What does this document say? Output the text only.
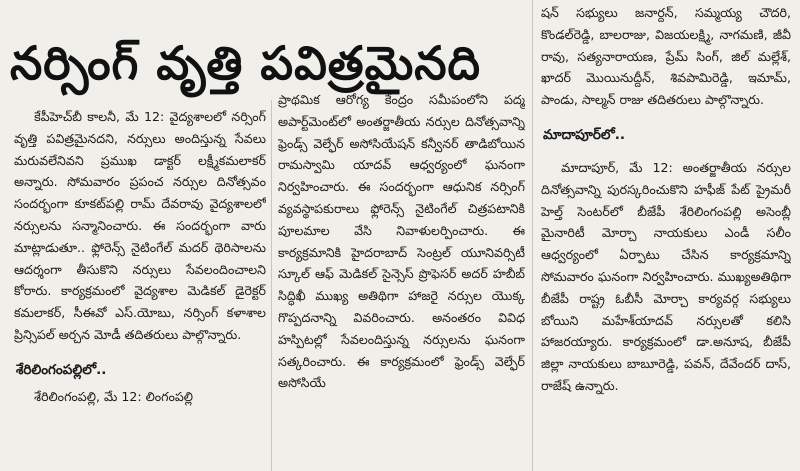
నర్సింగ్‌ వృత్తి పవిత్రమైనది

కేపీహెచ్‌బీ కాలనీ, మే 12: వైద్యశాలలో నర్సింగ్‌ వృత్తి పవిత్రమైనదని, నర్సులు అందిస్తున్న సేవలు మరువలేనివని ప్రముఖ డాక్టర్‌ లక్ష్మీకమలాకర్‌ అన్నారు. సోమవారం ప్రపంచ నర్సుల దినోత్సవం సందర్భంగా కూకట్‌పల్లి రామ్‌ దేవరావు వైద్యశాలలో నర్సులను సన్మానించారు. ఈ సందర్భంగా వారు మాట్లాడుతూ.. ఫ్లోరెన్స్‌ నైటింగేల్‌ మదర్‌ థెరిసాలను ఆదర్శంగా తీసుకొని నర్సులు సేవలందించాలని కోరారు. కార్యక్రమంలో వైద్యశాల మెడికల్‌ డైరెక్టర్‌ కమలాకర్‌, సీఈవో ఎస్‌.యోబు, నర్సింగ్‌ కళాశాల ప్రిన్సిపల్‌ అర్చన మోడీ తదితరులు పాల్గొన్నారు.

శేరిలింగంపల్లిలో..

శేరిలింగంపల్లి, మే 12: లింగంపల్లి

ప్రాథమిక ఆరోగ్య కేంద్రం సమీపంలోని పద్మ అపార్ట్‌మెంట్‌లో అంతర్జాతీయ నర్సుల దినోత్సవాన్ని ఫ్రెండ్స్‌ వెల్ఫేర్‌ అసోసియేషన్‌ కన్వీనర్‌ తాడిబోయిన రామస్వామి యాదవ్‌ ఆధ్వర్యంలో ఘనంగా నిర్వహించారు. ఈ సందర్భంగా ఆధునిక నర్సింగ్‌ వ్యవస్థాపకురాలు ఫ్లోరెన్స్‌ నైటింగేల్‌ చిత్రపటానికి పూలమాల వేసి నివాళులర్పించారు. ఈ కార్యక్రమానికి హైదరాబాద్‌ సెంట్రల్‌ యూనివర్సిటీ స్కూల్‌ ఆఫ్‌ మెడికల్‌ సైన్సెస్‌ ప్రొఫెసర్‌ అదర్‌ హబీబ్‌ సిద్ధిఖీ ముఖ్య అతిథిగా హాజరై నర్సుల యొక్క గొప్పదనాన్ని వివరించారు. అనంతరం వివిధ హస్పిటల్లో సేవలందిస్తున్న నర్సులను ఘనంగా సత్కరించారు. ఈ కార్యక్రమంలో ఫ్రెండ్స్‌ వెల్ఫేర్‌ అసోసియే

షన్‌ సభ్యులు జనార్దన్‌, సమ్మయ్య చౌదరి, కొండల్‌రెడ్డి, బాలరాజు, విజయలక్ష్మి, నాగమణి, జీవీ రావు, సత్యనారాయణ, ప్రేమ్‌ సింగ్‌, జిల్‌ మల్లేశ్‌, ఖాదర్‌ మొయినుద్దీన్‌, శివపామిరెడ్డి, ఇమామ్‌, పాండు, సాల్మన్‌ రాజు తదితరులు పాల్గొన్నారు.

మాదాపూర్‌లో..

మాదాపూర్‌, మే 12: అంతర్జాతీయ నర్సుల దినోత్సవాన్ని పురస్కరించుకొని హఫీజ్‌ పేట్‌ ప్రైమరీ హెల్త్‌ సెంటర్‌లో బీజేపీ శేరిలింగంపల్లి అసెంబ్లీ మైనారిటీ మోర్చా నాయకులు ఎండీ సలీం ఆధ్వర్యంలో ఏర్పాటు చేసిన కార్యక్రమాన్ని సోమవారం ఘనంగా నిర్వహించారు. ముఖ్యఅతిథిగా బీజేపీ రాష్ట్ర ఓబీసీ మోర్చా కార్యవర్గ సభ్యులు బోయిని మహేశ్‌యాదవ్‌ నర్సులతో కలిసి హాజరయ్యారు. కార్యక్రమంలో డా.అనూష, బీజేపీ జిల్లా నాయకులు బాబూరెడ్డి, పవన్‌, దేవేందర్‌ దాస్‌, రాజేష్‌ ఉన్నారు.
